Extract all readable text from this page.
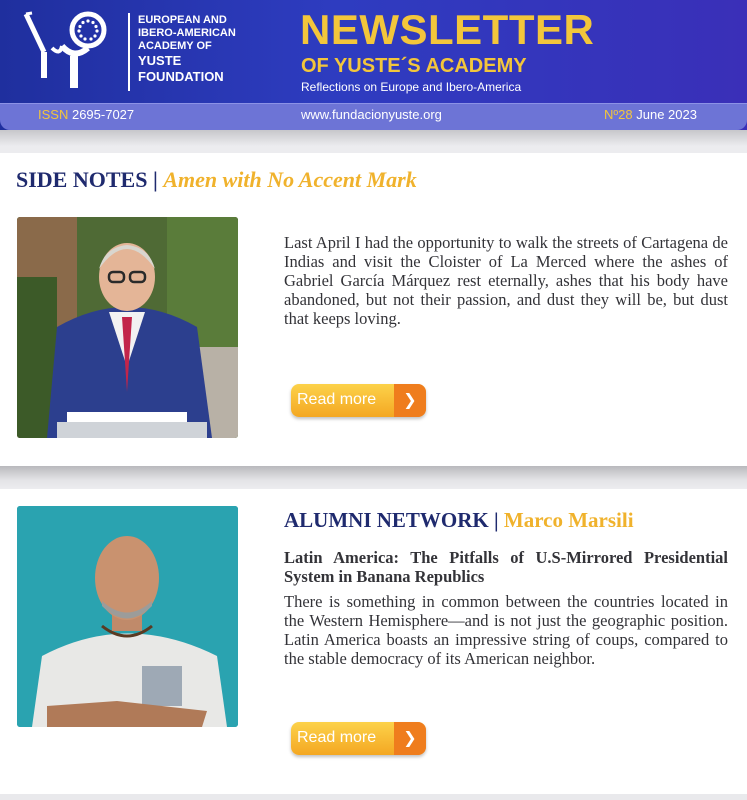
EUROPEAN AND
IBERO-AMERICAN
ACADEMY OF
YUSTE
FOUNDATION
NEWSLETTER
OF YUSTE´S ACADEMY
Reflections on Europe and Ibero-America
ISSN 2695-7027	www.fundacionyuste.org	Nº28 June 2023
SIDE NOTES | Amen with No Accent Mark
Last April I had the opportunity to walk the streets of Cartagena de Indias and visit the Cloister of La Merced where the ashes of Gabriel García Márquez rest eternally, ashes that his body have abandoned, but not their passion, and dust they will be, but dust that keeps loving.
Read more	❯
ALUMNI NETWORK | Marco Marsili
Latin America: The Pitfalls of U.S-Mirrored Presidential System in Banana Republics
There is something in common between the countries located in the Western Hemisphere—and is not just the geographic position. Latin America boasts an impressive string of coups, compared to the stable democracy of its American neighbor.
Read more	❯
